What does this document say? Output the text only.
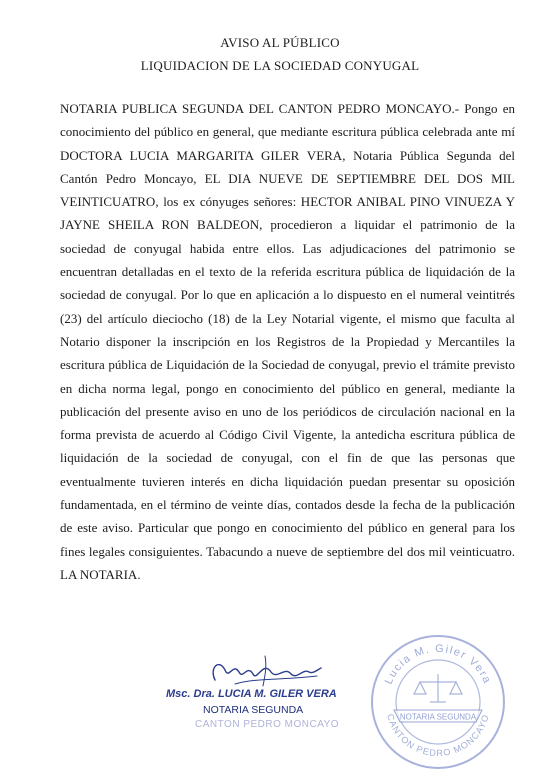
AVISO AL PÚBLICO
LIQUIDACION DE LA SOCIEDAD CONYUGAL
NOTARIA PUBLICA SEGUNDA DEL CANTON PEDRO MONCAYO.- Pongo en conocimiento del público en general, que mediante escritura pública celebrada ante mí DOCTORA LUCIA MARGARITA GILER VERA, Notaria Pública Segunda del Cantón Pedro Moncayo, EL DIA NUEVE DE SEPTIEMBRE DEL DOS MIL VEINTICUATRO, los ex cónyuges señores: HECTOR ANIBAL PINO VINUEZA Y JAYNE SHEILA RON BALDEON, procedieron a liquidar el patrimonio de la sociedad de conyugal habida entre ellos. Las adjudicaciones del patrimonio se encuentran detalladas en el texto de la referida escritura pública de liquidación de la sociedad de conyugal. Por lo que en aplicación a lo dispuesto en el numeral veintitrés (23) del artículo dieciocho (18) de la Ley Notarial vigente, el mismo que faculta al Notario disponer la inscripción en los Registros de la Propiedad y Mercantiles la escritura pública de Liquidación de la Sociedad de conyugal, previo el trámite previsto en dicha norma legal, pongo en conocimiento del público en general, mediante la publicación del presente aviso en uno de los periódicos de circulación nacional en la forma prevista de acuerdo al Código Civil Vigente, la antedicha escritura pública de liquidación de la sociedad de conyugal, con el fin de que las personas que eventualmente tuvieren interés en dicha liquidación puedan presentar su oposición fundamentada, en el término de veinte días, contados desde la fecha de la publicación de este aviso. Particular que pongo en conocimiento del público en general para los fines legales consiguientes. Tabacundo a nueve de septiembre del dos mil veinticuatro. LA NOTARIA.
Msc. Dra. LUCIA M. GILER VERA
NOTARIA SEGUNDA
CANTON PEDRO MONCAYO
Lucia M. Giler Vera
CANTON PEDRO MONCAYO
NOTARIA SEGUNDA
